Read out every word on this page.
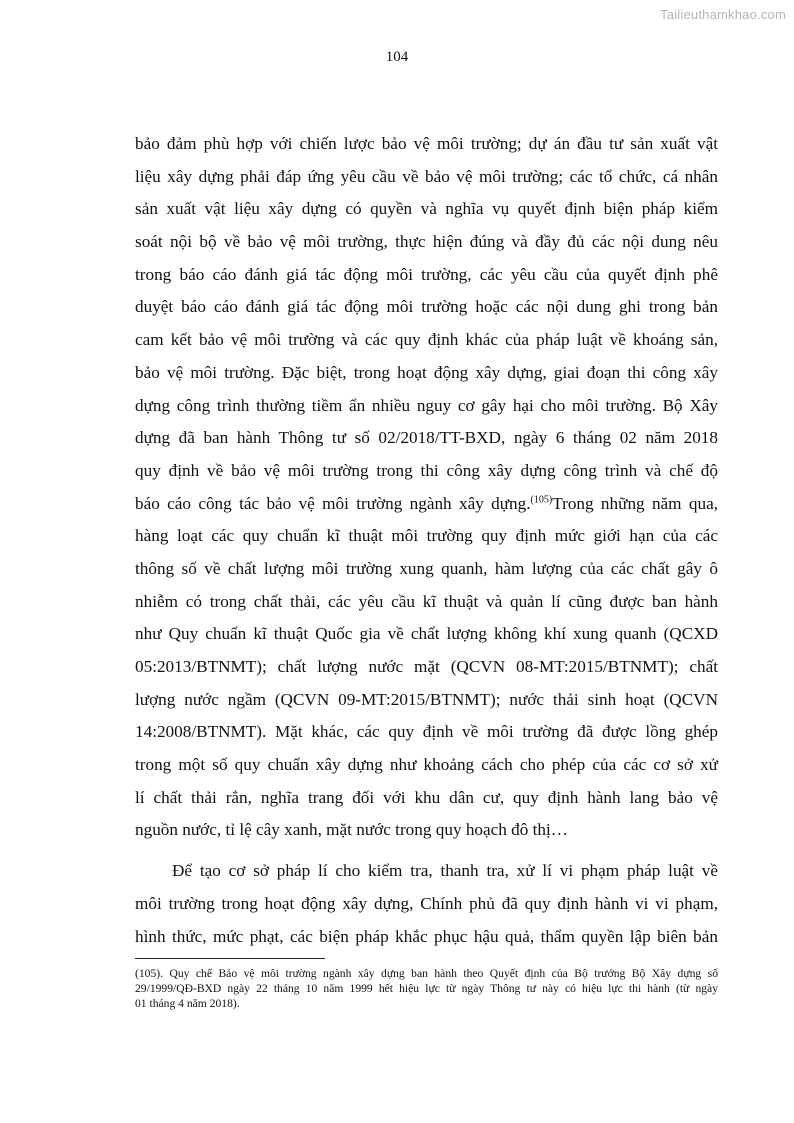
Tailieuthamkhao.com
104
bảo đảm phù hợp với chiến lược bảo vệ môi trường; dự án đầu tư sản xuất vật
liệu xây dựng phải đáp ứng yêu cầu về bảo vệ môi trường; các tổ chức, cá nhân
sản xuất vật liệu xây dựng có quyền và nghĩa vụ quyết định biện pháp kiểm
soát nội bộ về bảo vệ môi trường, thực hiện đúng và đầy đủ các nội dung nêu
trong báo cáo đánh giá tác động môi trường, các yêu cầu của quyết định phê
duyệt báo cáo đánh giá tác động môi trường hoặc các nội dung ghi trong bản
cam kết bảo vệ môi trường và các quy định khác của pháp luật về khoáng sản,
bảo vệ môi trường. Đặc biệt, trong hoạt động xây dựng, giai đoạn thi công xây
dựng công trình thường tiềm ẩn nhiều nguy cơ gây hại cho môi trường. Bộ Xây
dựng đã ban hành Thông tư số 02/2018/TT-BXD, ngày 6 tháng 02 năm 2018
quy định về bảo vệ môi trường trong thi công xây dựng công trình và chế độ
báo cáo công tác bảo vệ môi trường ngành xây dựng.$^{(105)}$Trong những năm qua,
hàng loạt các quy chuẩn kĩ thuật môi trường quy định mức giới hạn của các
thông số về chất lượng môi trường xung quanh, hàm lượng của các chất gây ô
nhiễm có trong chất thải, các yêu cầu kĩ thuật và quản lí cũng được ban hành
như Quy chuẩn kĩ thuật Quốc gia về chất lượng không khí xung quanh (QCXD
05:2013/BTNMT); chất lượng nước mặt (QCVN 08-MT:2015/BTNMT); chất
lượng nước ngầm (QCVN 09-MT:2015/BTNMT); nước thải sinh hoạt (QCVN
14:2008/BTNMT). Mặt khác, các quy định về môi trường đã được lồng ghép
trong một số quy chuẩn xây dựng như khoảng cách cho phép của các cơ sở xử
lí chất thải rắn, nghĩa trang đối với khu dân cư, quy định hành lang bảo vệ
nguồn nước, tỉ lệ cây xanh, mặt nước trong quy hoạch đô thị…
Để tạo cơ sở pháp lí cho kiểm tra, thanh tra, xử lí vi phạm pháp luật về
môi trường trong hoạt động xây dựng, Chính phủ đã quy định hành vi vi phạm,
hình thức, mức phạt, các biện pháp khắc phục hậu quả, thẩm quyền lập biên bản
(105). Quy chế Bảo vệ môi trường ngành xây dựng ban hành theo Quyết định của Bộ trưởng Bộ Xây dựng số
29/1999/QĐ-BXD ngày 22 tháng 10 năm 1999 hết hiệu lực từ ngày Thông tư này có hiệu lực thi hành (từ ngày
01 tháng 4 năm 2018).
